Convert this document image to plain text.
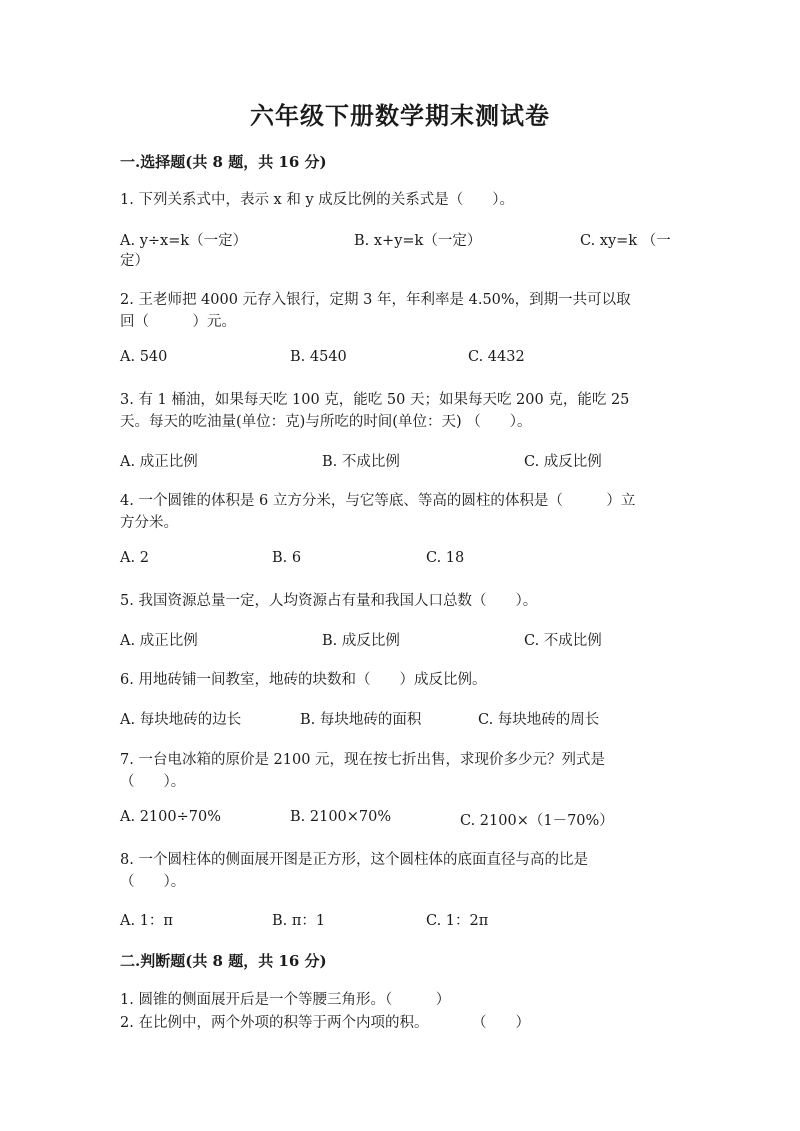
六年级下册数学期末测试卷

一.选择题(共 8 题，共 16 分)

1. 下列关系式中，表示 x 和 y 成反比例的关系式是（　　）。

A. y÷x=k（一定）	B. x+y=k（一定）	C. xy=k （一

定）

2. 王老师把 4000 元存入银行，定期 3 年，年利率是 4.50%，到期一共可以取

回（　　　）元。

A. 540	B. 4540	C. 4432

3. 有 1 桶油，如果每天吃 100 克，能吃 50 天；如果每天吃 200 克，能吃 25

天。每天的吃油量(单位：克)与所吃的时间(单位：天) （　　）。

A. 成正比例	B. 不成比例	C. 成反比例

4. 一个圆锥的体积是 6 立方分米，与它等底、等高的圆柱的体积是（　　　）立

方分米。

A. 2	B. 6	C. 18

5. 我国资源总量一定，人均资源占有量和我国人口总数（　　）。

A. 成正比例	B. 成反比例	C. 不成比例

6. 用地砖铺一间教室，地砖的块数和（　　）成反比例。

A. 每块地砖的边长	B. 每块地砖的面积	C. 每块地砖的周长

7. 一台电冰箱的原价是 2100 元，现在按七折出售，求现价多少元？列式是

（　　）。

A. 2100÷70%	B. 2100×70%	C. 2100×（1－70%）

8. 一个圆柱体的侧面展开图是正方形，这个圆柱体的底面直径与高的比是

（　　）。

A. 1：π	B. π：1	C. 1：2π

二.判断题(共 8 题，共 16 分)

1. 圆锥的侧面展开后是一个等腰三角形。（　　　）

2. 在比例中，两个外项的积等于两个内项的积。　　　　（　　）
